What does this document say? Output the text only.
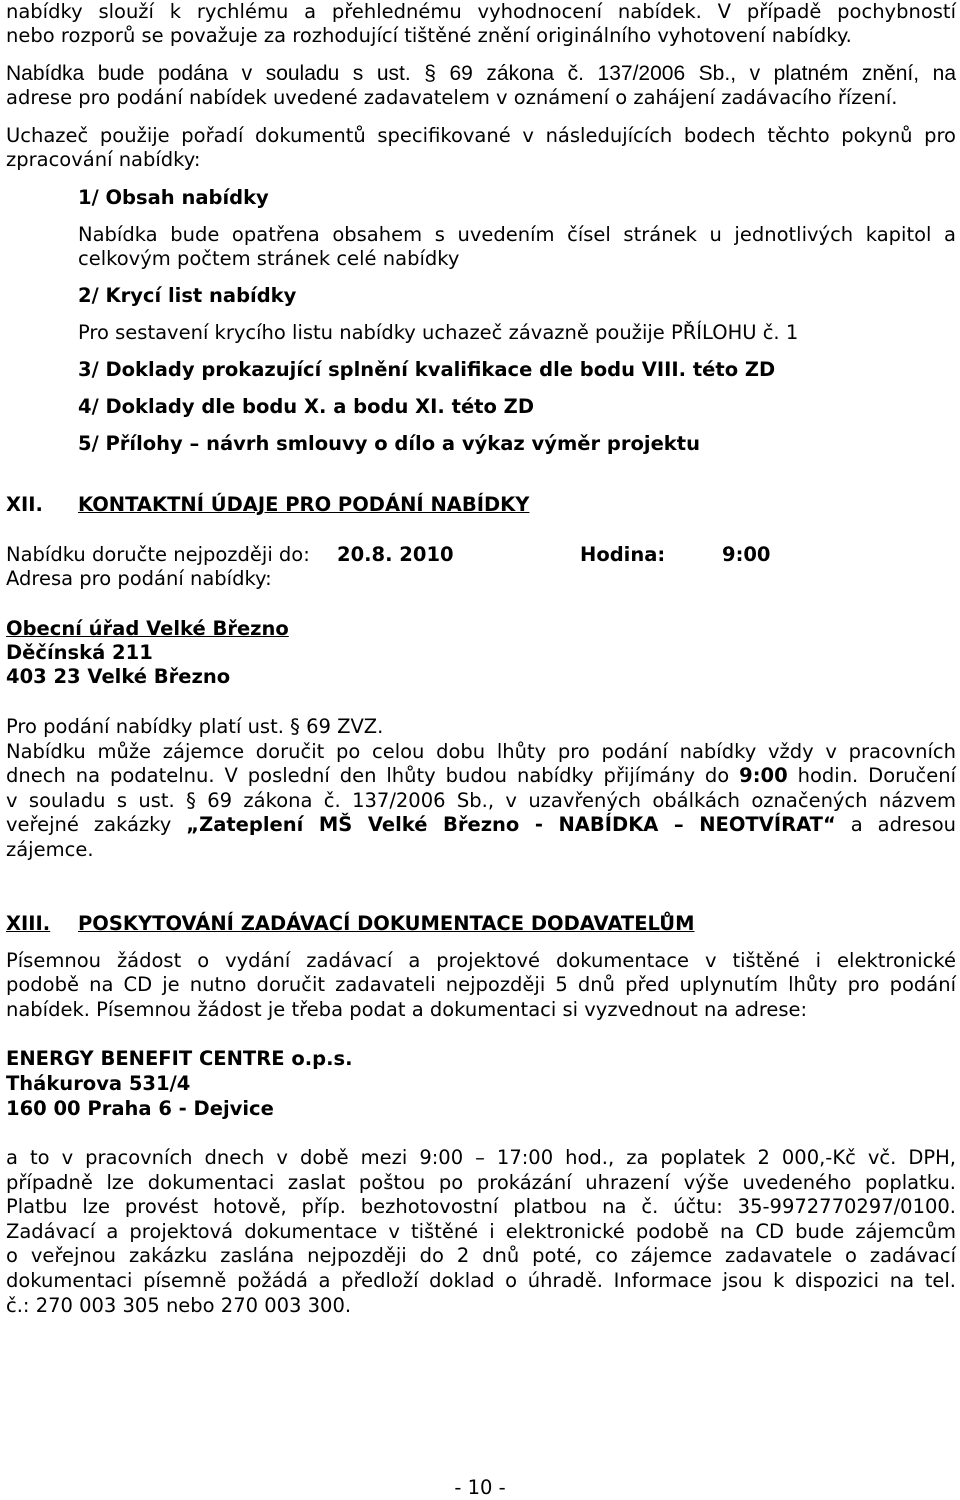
nabídky slouží k rychlému a přehlednému vyhodnocení nabídek. V případě pochybností
nebo rozporů se považuje za rozhodující tištěné znění originálního vyhotovení nabídky.
Nabídka bude podána v souladu s ust. § 69 zákona č. 137/2006 Sb., v platném znění, na
adrese pro podání nabídek uvedené zadavatelem v oznámení o zahájení zadávacího řízení.
Uchazeč použije pořadí dokumentů specifikované v následujících bodech těchto pokynů pro
zpracování nabídky:
1/ Obsah nabídky
Nabídka bude opatřena obsahem s uvedením čísel stránek u jednotlivých kapitol a
celkovým počtem stránek celé nabídky
2/ Krycí list nabídky
Pro sestavení krycího listu nabídky uchazeč závazně použije PŘÍLOHU č. 1
3/ Doklady prokazující splnění kvalifikace dle bodu VIII. této ZD
4/ Doklady dle bodu X. a bodu XI. této ZD
5/ Přílohy – návrh smlouvy o dílo a výkaz výměr projektu
XII. KONTAKTNÍ ÚDAJE PRO PODÁNÍ NABÍDKY
Nabídku doručte nejpozději do: 20.8. 2010	Hodina:	9:00
Adresa pro podání nabídky:
Obecní úřad Velké Březno
Děčínská 211
403 23 Velké Březno
Pro podání nabídky platí ust. § 69 ZVZ.
Nabídku může zájemce doručit po celou dobu lhůty pro podání nabídky vždy v pracovních
dnech na podatelnu. V poslední den lhůty budou nabídky přijímány do 9:00 hodin. Doručení
v souladu s ust. § 69 zákona č. 137/2006 Sb., v uzavřených obálkách označených názvem
veřejné zakázky „Zateplení MŠ Velké Březno - NABÍDKA – NEOTVÍRAT“ a adresou
zájemce.
XIII. POSKYTOVÁNÍ ZADÁVACÍ DOKUMENTACE DODAVATELŮM
Písemnou žádost o vydání zadávací a projektové dokumentace v tištěné i elektronické
podobě na CD je nutno doručit zadavateli nejpozději 5 dnů před uplynutím lhůty pro podání
nabídek. Písemnou žádost je třeba podat a dokumentaci si vyzvednout na adrese:
ENERGY BENEFIT CENTRE o.p.s.
Thákurova 531/4
160 00 Praha 6 - Dejvice
a to v pracovních dnech v době mezi 9:00 – 17:00 hod., za poplatek 2 000,-Kč vč. DPH,
případně lze dokumentaci zaslat poštou po prokázání uhrazení výše uvedeného poplatku.
Platbu lze provést hotově, příp. bezhotovostní platbou na č. účtu: 35-9972770297/0100.
Zadávací a projektová dokumentace v tištěné i elektronické podobě na CD bude zájemcům
o veřejnou zakázku zaslána nejpozději do 2 dnů poté, co zájemce zadavatele o zadávací
dokumentaci písemně požádá a předloží doklad o úhradě. Informace jsou k dispozici na tel.
č.: 270 003 305 nebo 270 003 300.
- 10 -
